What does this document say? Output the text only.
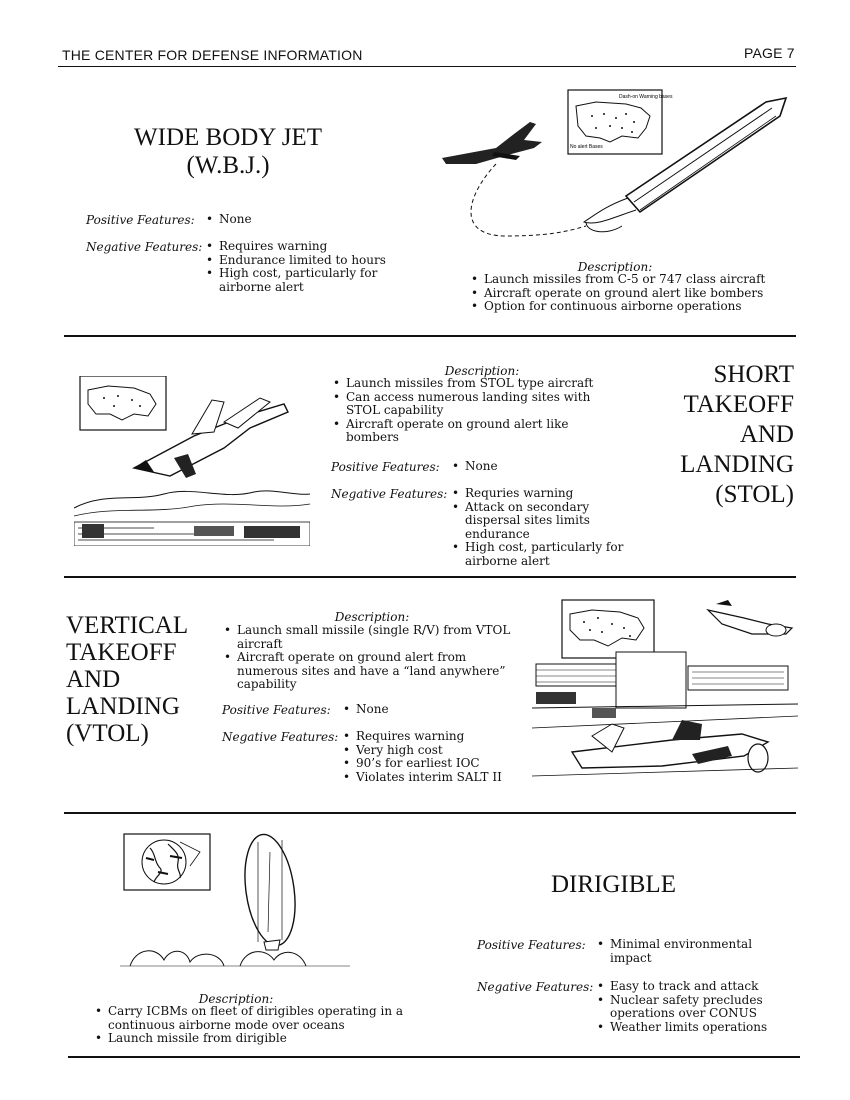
THE CENTER FOR DEFENSE INFORMATION	PAGE 7
WIDE BODY JET
(W.B.J.)
Positive Features:	• None
Negative Features:	• Requires warning
• Endurance limited to hours
• High cost, particularly for airborne alert
Dash-on Warning bases
No alert Bases
Description:
• Launch missiles from C-5 or 747 class aircraft
• Aircraft operate on ground alert like bombers
• Option for continuous airborne operations
Description:
• Launch missiles from STOL type aircraft
• Can access numerous landing sites with STOL capability
• Aircraft operate on ground alert like bombers
Positive Features:	• None
Negative Features:	• Requries warning
• Attack on secondary dispersal sites limits endurance
• High cost, particularly for airborne alert
SHORT
TAKEOFF
AND
LANDING
(STOL)
VERTICAL
TAKEOFF
AND
LANDING
(VTOL)
Description:
• Launch small missile (single R/V) from VTOL aircraft
• Aircraft operate on ground alert from numerous sites and have a “land anywhere” capability
Positive Features:	• None
Negative Features:	• Requires warning
• Very high cost
• 90’s for earliest IOC
• Violates interim SALT II
DIRIGIBLE
Positive Features:	• Minimal environmental impact
Negative Features:	• Easy to track and attack
• Nuclear safety precludes operations over CONUS
• Weather limits operations
Description:
• Carry ICBMs on fleet of dirigibles operating in a continuous airborne mode over oceans
• Launch missile from dirigible
